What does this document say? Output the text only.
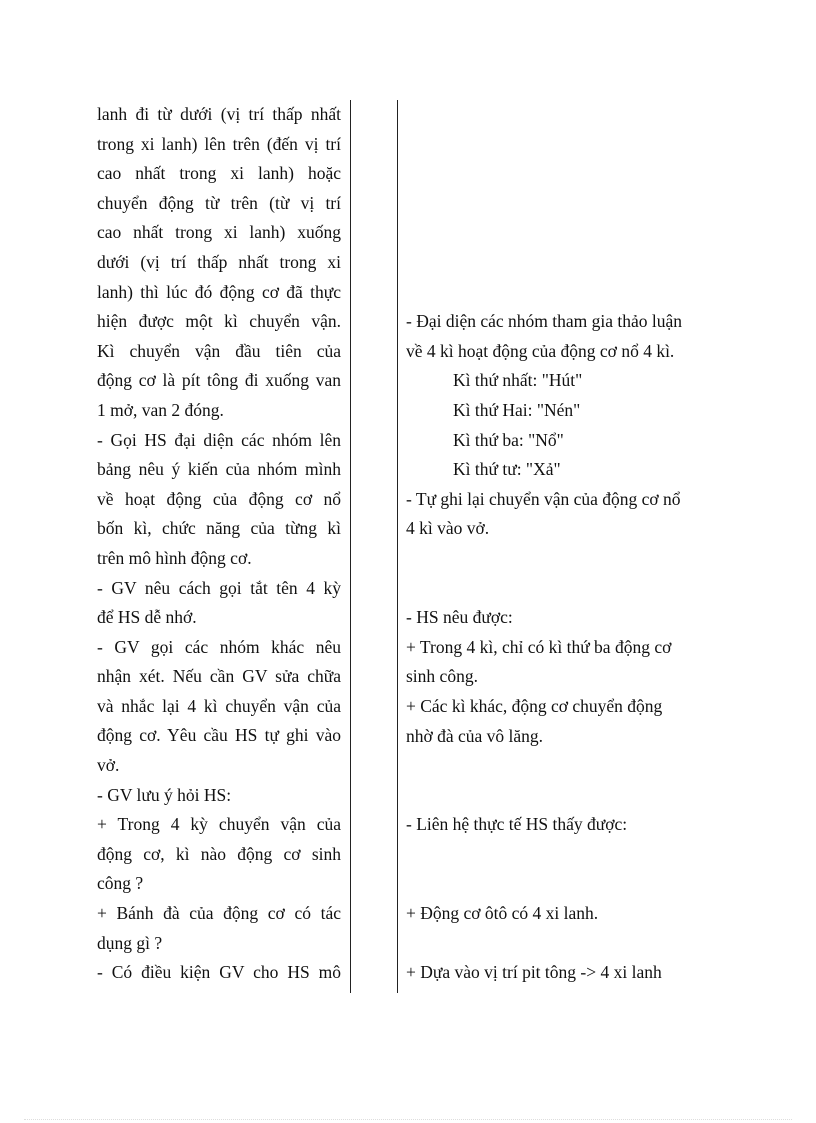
lanh đi từ dưới (vị trí thấp nhất
trong xi lanh) lên trên (đến vị trí
cao nhất trong xi lanh) hoặc
chuyển động từ trên (từ vị trí
cao nhất trong xi lanh) xuống
dưới (vị trí thấp nhất trong xi
lanh) thì lúc đó động cơ đã thực
hiện được một kì chuyển vận.
Kì chuyển vận đầu tiên của
động cơ là pít tông đi xuống van
1 mở, van 2 đóng.
- Gọi HS đại diện các nhóm lên
bảng nêu ý kiến của nhóm mình
về hoạt động của động cơ nổ
bốn kì, chức năng của từng kì
trên mô hình động cơ.
- GV nêu cách gọi tắt tên 4 kỳ
để HS dễ nhớ.
- GV gọi các nhóm khác nêu
nhận xét. Nếu cần GV sửa chữa
và nhắc lại 4 kì chuyển vận của
động cơ. Yêu cầu HS tự ghi vào
vở.
- GV lưu ý hỏi HS:
+ Trong 4 kỳ chuyển vận của
động cơ, kì nào động cơ sinh
công ?
+ Bánh đà của động cơ có tác
dụng gì ?
- Có điều kiện GV cho HS mô
- Đại diện các nhóm tham gia thảo luận
về 4 kì hoạt động của động cơ nổ 4 kì.
Kì thứ nhất: "Hút"
Kì thứ Hai: "Nén"
Kì thứ ba: "Nổ"
Kì thứ tư: "Xả"
- Tự ghi lại chuyển vận của động cơ nổ
4 kì vào vở.
- HS nêu được:
+ Trong 4 kì, chỉ có kì thứ ba động cơ
sinh công.
+ Các kì khác, động cơ chuyển động
nhờ đà của vô lăng.
- Liên hệ thực tế HS thấy được:
+ Động cơ ôtô có 4 xi lanh.
+ Dựa vào vị trí pit tông -> 4 xi lanh
